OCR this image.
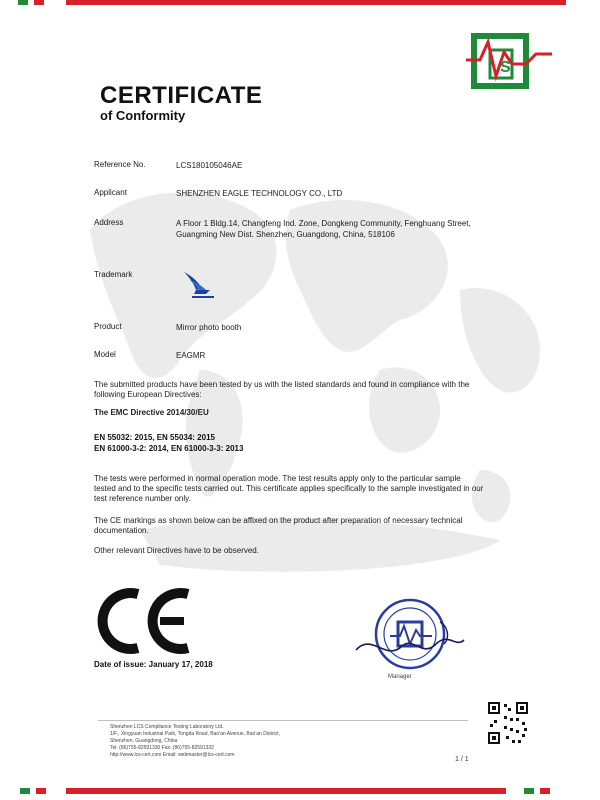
S
CERTIFICATE
of Conformity
Reference No.	LCS180105046AE
Applicant	SHENZHEN EAGLE TECHNOLOGY CO., LTD
Address	A Floor 1 Bldg.14, Changfeng Ind. Zone, Dongkeng Community, Fenghuang Street, Guangming New Dist. Shenzhen, Guangdong, China, 518106
Trademark
Product	Mirror photo booth
Model	EAGMR
The submitted products have been tested by us with the listed standards and found in compliance with the following European Directives:
The EMC Directive 2014/30/EU
EN 55032: 2015, EN 55034: 2015
EN 61000-3-2: 2014, EN 61000-3-3: 2013
The tests were performed in normal operation mode. The test results apply only to the particular sample tested and to the specific tests carried out. This certificate applies specifically to the sample investigated in our test reference number only.
The CE markings as shown below can be affixed on the product after preparation of necessary technical documentation.
Other relevant Directives have to be observed.
Manager
Date of issue: January 17, 2018
Shenzhen LCS Compliance Testing Laboratory Ltd.
1/F., Xingyuan Industrial Park, Tongda Road, Bao'an Avenue, Bao'an District,
Shenzhen, Guangdong, China
Tel: (86)755-82591330 Fax: (86)755-82591332
http://www.lcs-cert.com Email: webmaster@lcs-cert.com
1 / 1
